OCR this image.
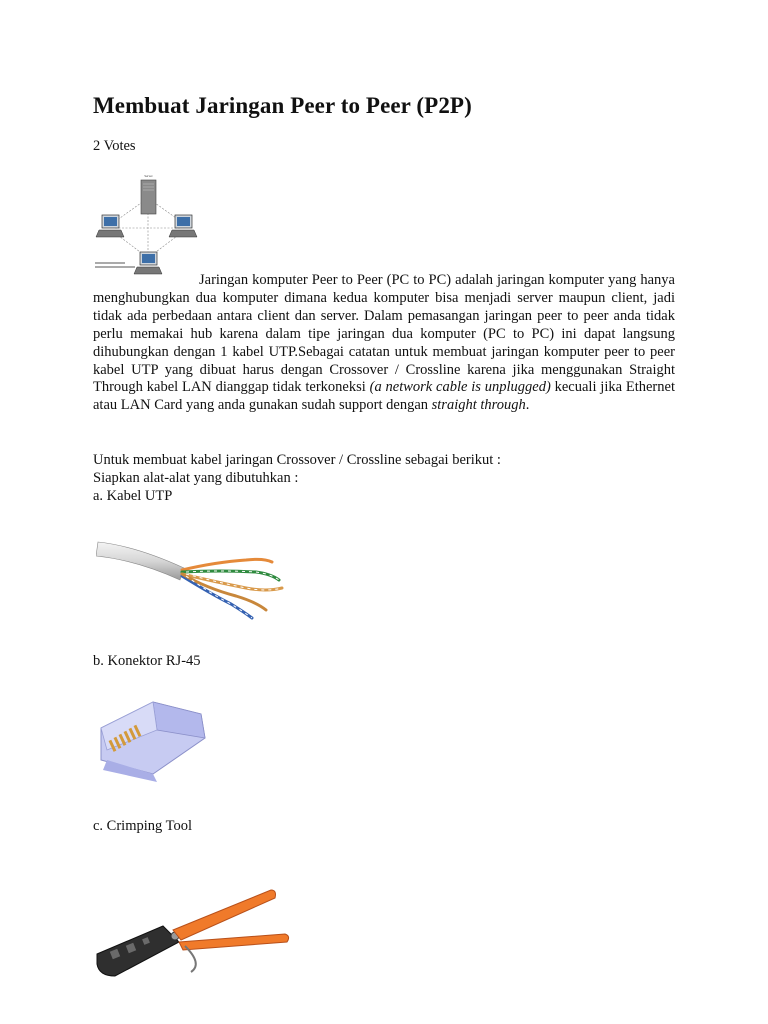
Membuat Jaringan Peer to Peer (P2P)
2 Votes
Server

Jaringan komputer Peer to Peer (PC to PC) adalah jaringan komputer yang hanya menghubungkan dua komputer dimana kedua komputer bisa menjadi server maupun client, jadi tidak ada perbedaan antara client dan server. Dalam pemasangan jaringan peer to peer anda tidak perlu memakai hub karena dalam tipe jaringan dua komputer (PC to PC) ini dapat langsung dihubungkan dengan 1 kabel UTP.Sebagai catatan untuk membuat jaringan komputer peer to peer kabel UTP yang dibuat harus dengan Crossover / Crossline karena jika menggunakan Straight Through kabel LAN dianggap tidak terkoneksi (a network cable is unplugged) kecuali jika Ethernet atau LAN Card yang anda gunakan sudah support dengan straight through.

Untuk membuat kabel jaringan Crossover / Crossline sebagai berikut :
Siapkan alat-alat yang dibutuhkan :
a. Kabel UTP
b. Konektor RJ-45
c. Crimping Tool
